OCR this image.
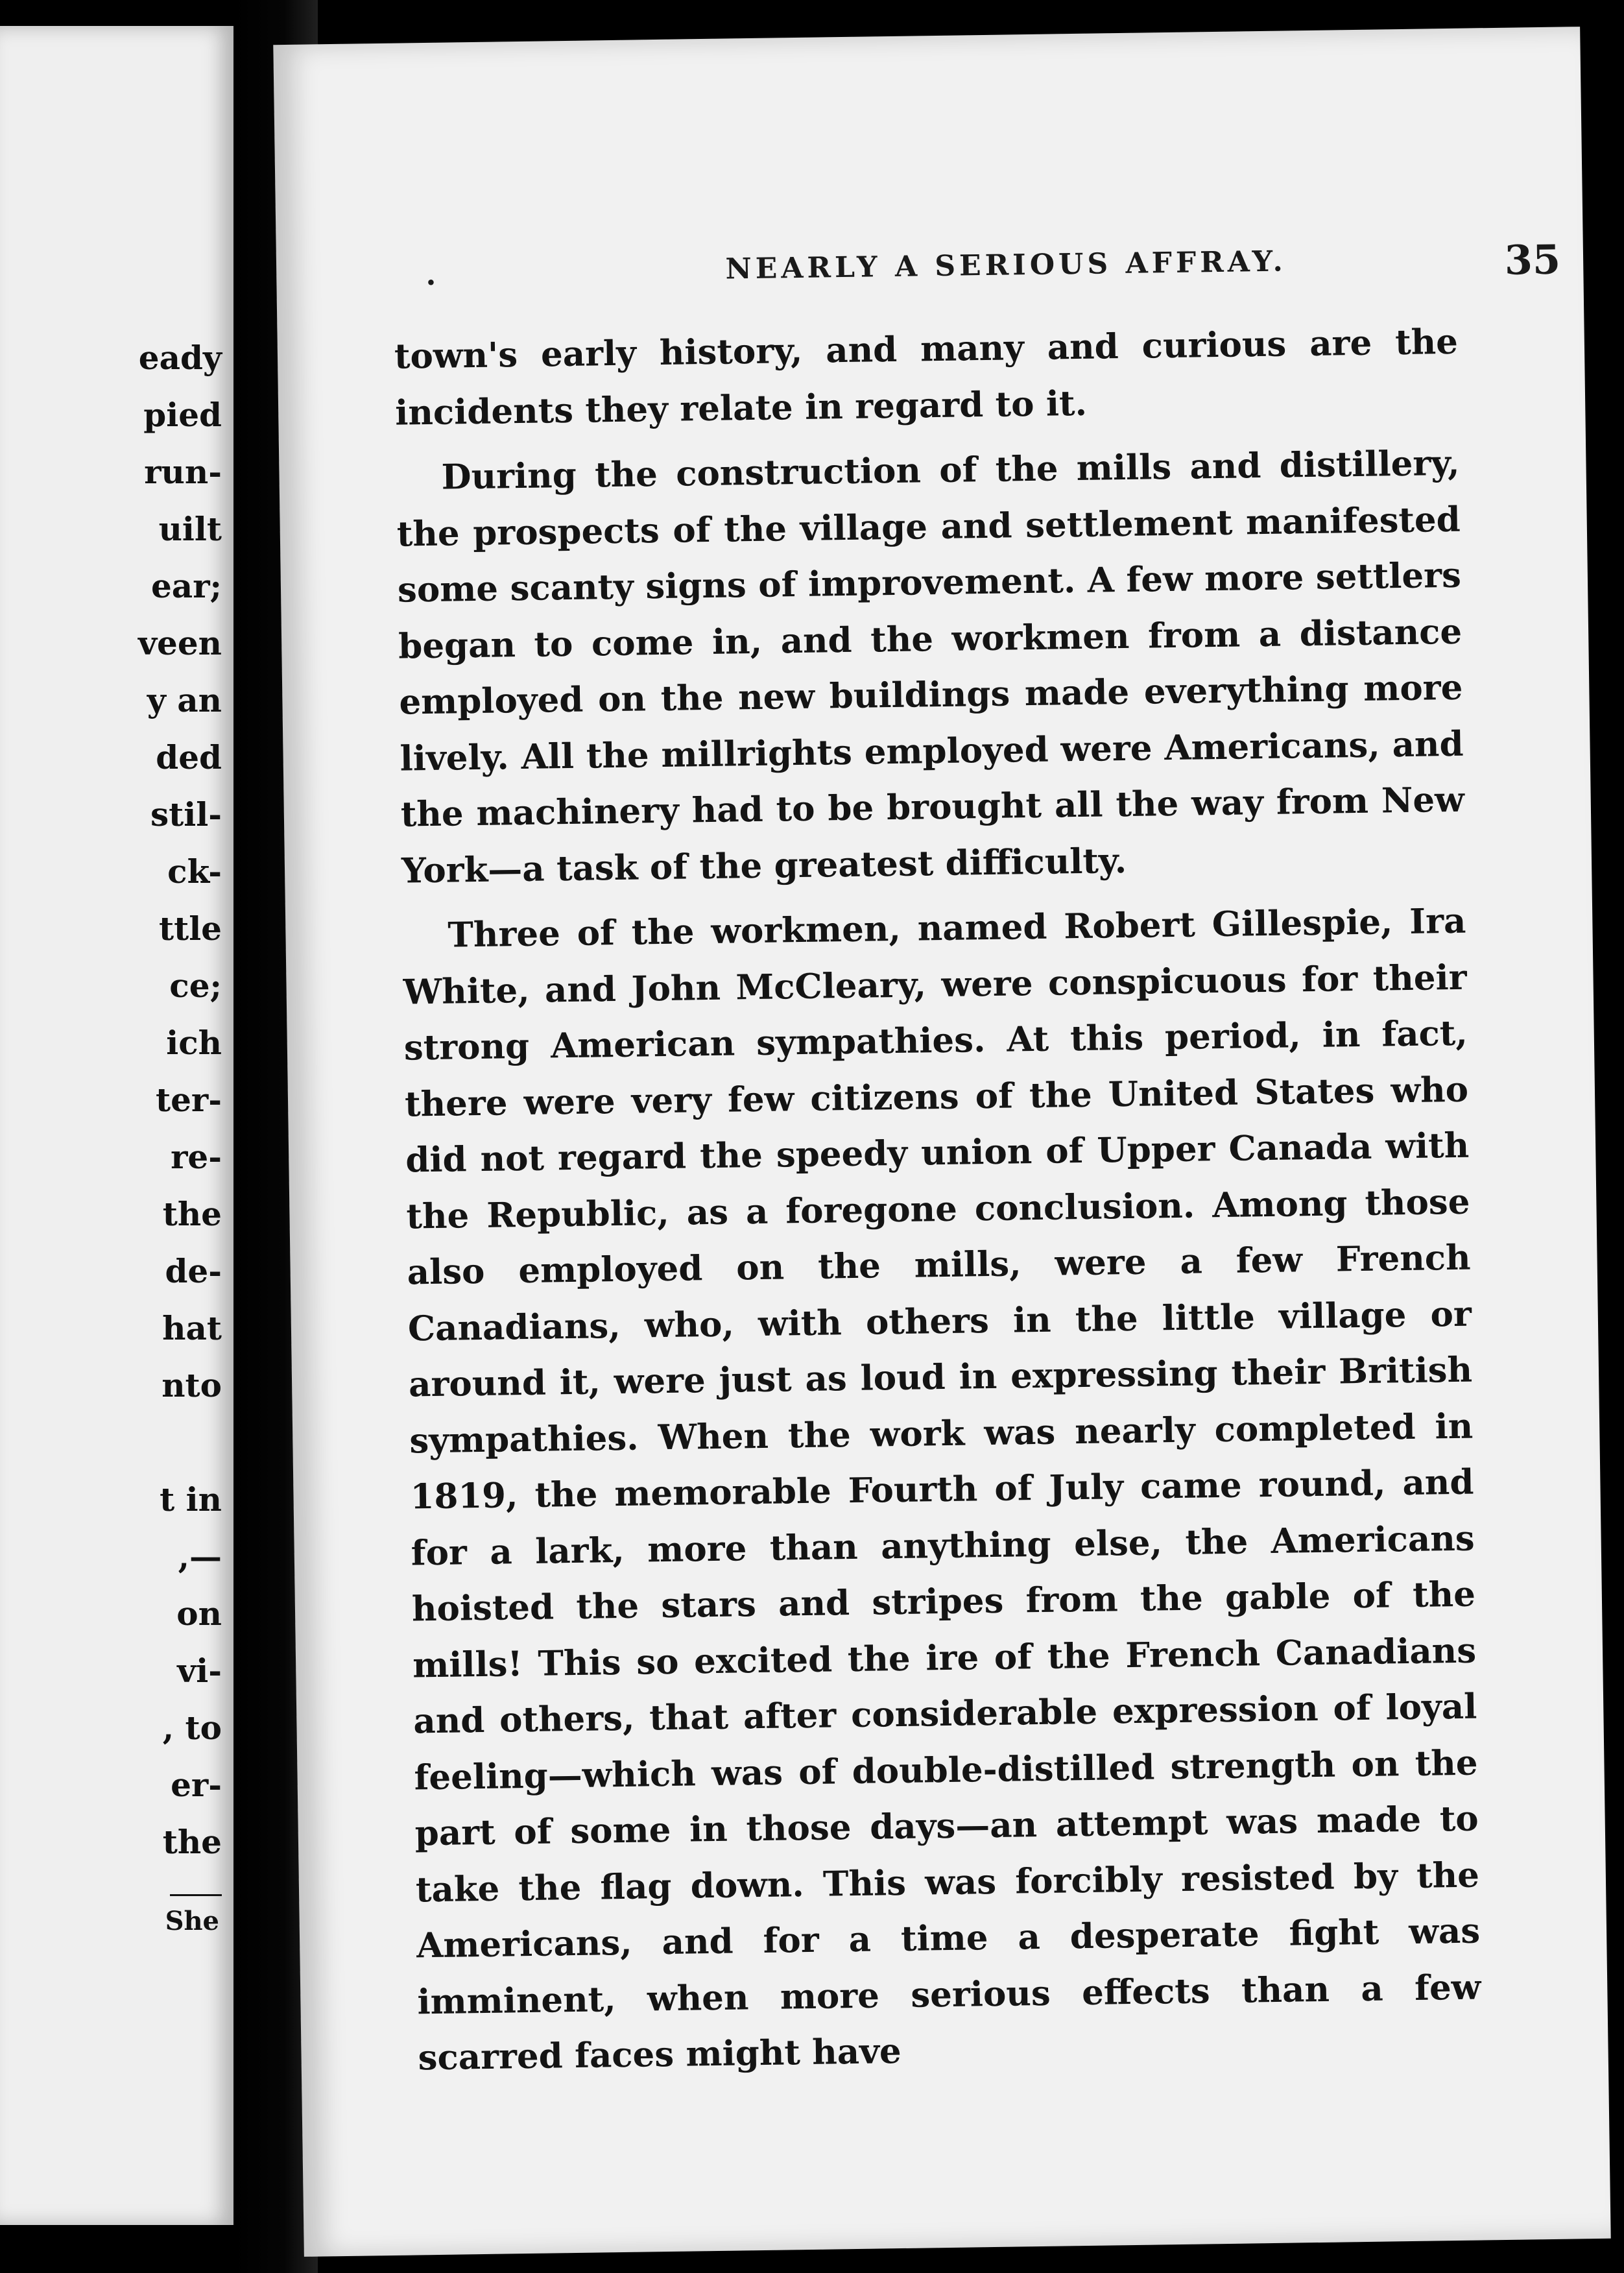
eady
pied
run-
uilt
ear;
veen
y an
ded
stil-
ck-
ttle
ce;
ich
ter-
re-
the
de-
hat
nto
t in
,—
on
vi-
, to
er-
the
She
.	NEARLY A SERIOUS AFFRAY.	35

town's early history, and many and curious are the incidents they relate in regard to it.

During the construction of the mills and distillery, the prospects of the village and settlement manifested some scanty signs of improvement. A few more settlers began to come in, and the workmen from a distance employed on the new buildings made everything more lively. All the millrights employed were Americans, and the machinery had to be brought all the way from New York—a task of the greatest difficulty.

Three of the workmen, named Robert Gillespie, Ira White, and John McCleary, were conspicuous for their strong American sympathies. At this period, in fact, there were very few citizens of the United States who did not regard the speedy union of Upper Canada with the Republic, as a foregone conclusion. Among those also employed on the mills, were a few French Canadians, who, with others in the little village or around it, were just as loud in expressing their British sympathies. When the work was nearly completed in 1819, the memorable Fourth of July came round, and for a lark, more than anything else, the Americans hoisted the stars and stripes from the gable of the mills! This so excited the ire of the French Canadians and others, that after considerable expression of loyal feeling—which was of double-distilled strength on the part of some in those days—an attempt was made to take the flag down. This was forcibly resisted by the Americans, and for a time a desperate fight was imminent, when more serious effects than a few scarred faces might have
